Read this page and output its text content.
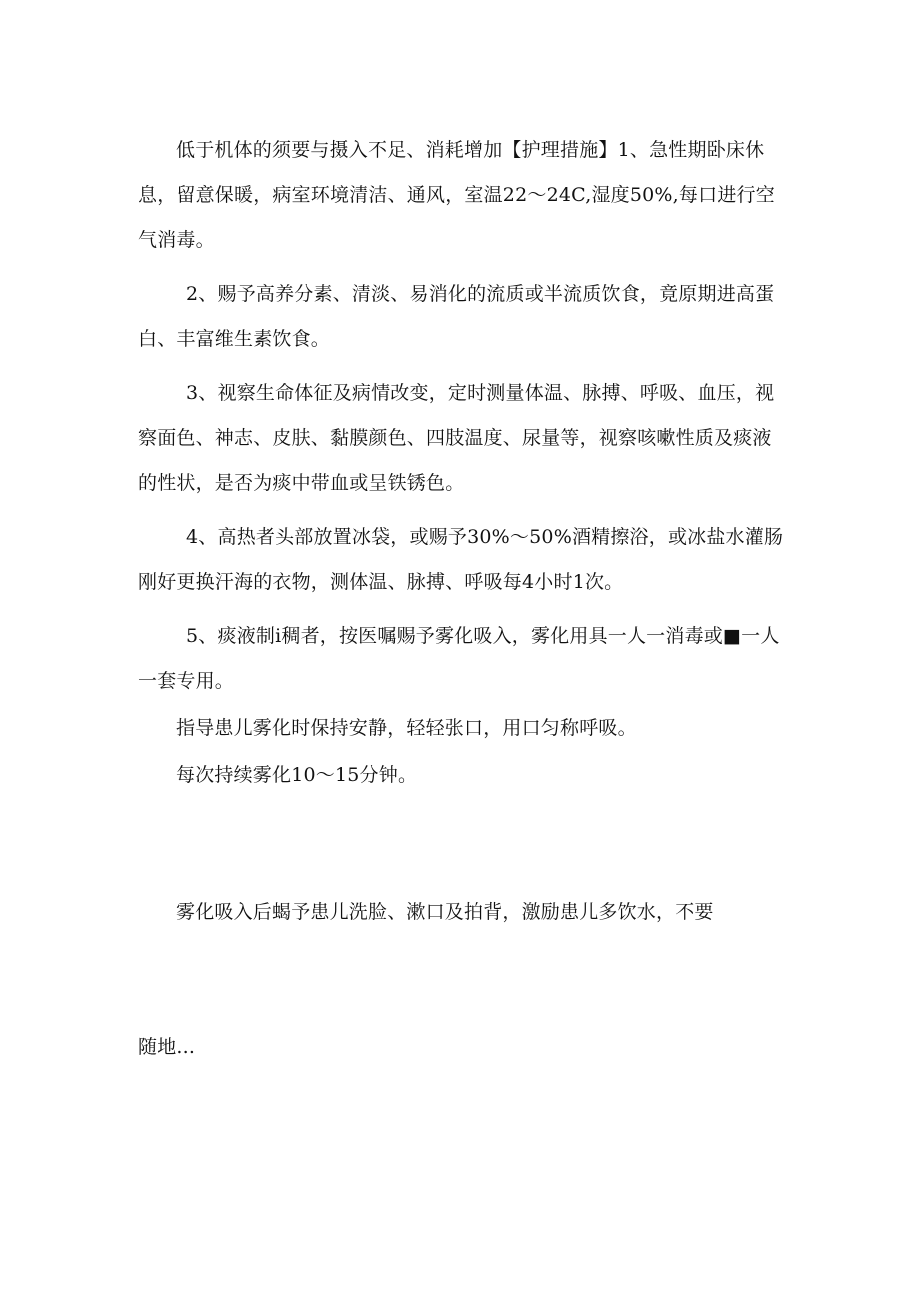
低于机体的须要与摄入不足、消耗增加【护理措施】1、急性期卧床休息，留意保暖，病室环境清洁、通风，室温22～24C,湿度50%,每口进行空气消毒。

2、赐予高养分素、清淡、易消化的流质或半流质饮食，竟原期进高蛋白、丰富维生素饮食。

3、视察生命体征及病情改变，定时测量体温、脉搏、呼吸、血压，视察面色、神志、皮肤、黏膜颜色、四肢温度、尿量等，视察咳嗽性质及痰液的性状，是否为痰中带血或呈铁锈色。

4、高热者头部放置冰袋，或赐予30%～50%酒精擦浴，或冰盐水灌肠刚好更换汗海的衣物，测体温、脉搏、呼吸每4小时1次。

5、痰液制i稠者，按医嘱赐予雾化吸入，雾化用具一人一消毒或■一人一套专用。

指导患儿雾化时保持安静，轻轻张口，用口匀称呼吸。

每次持续雾化10～15分钟。

雾化吸入后蝎予患儿洗脸、漱口及拍背，激励患儿多饮水，不要

随地...
